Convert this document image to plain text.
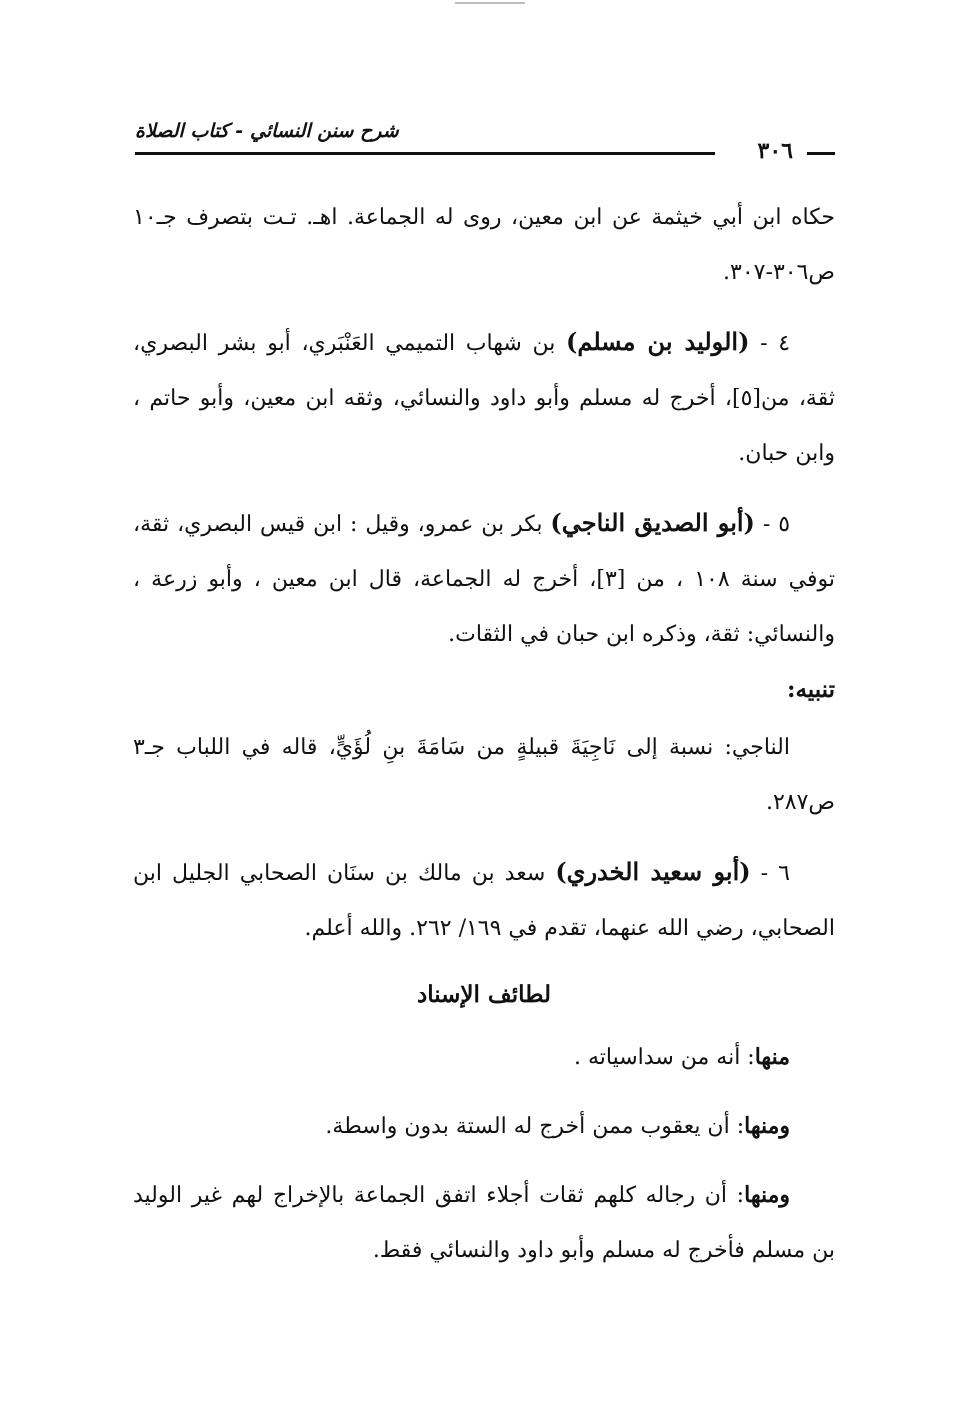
شرح سنن النسائي - كتاب الصلاة
٣٠٦

حكاه ابن أبي خيثمة عن ابن معين، روى له الجماعة. اهـ. تـت بتصرف جـ١٠ ص٣٠٦-٣٠٧.

٤ - (الوليد بن مسلم) بن شهاب التميمي العَنْبَري، أبو بشر البصري، ثقة، من[٥]، أخرج له مسلم وأبو داود والنسائي، وثقه ابن معين، وأبو حاتم ، وابن حبان.

٥ - (أبو الصديق الناجي) بكر بن عمرو، وقيل : ابن قيس البصري، ثقة، توفي سنة ١٠٨ ، من [٣]، أخرج له الجماعة، قال ابن معين ، وأبو زرعة ، والنسائي: ثقة، وذكره ابن حبان في الثقات.

تنبيه:

الناجي: نسبة إلى نَاجِيَةَ قبيلةٍ من سَامَةَ بنِ لُؤَيٍّ، قاله في اللباب جـ٣ ص٢٨٧.

٦ - (أبو سعيد الخدري) سعد بن مالك بن سنَان الصحابي الجليل ابن الصحابي، رضي الله عنهما، تقدم في ١٦٩/ ٢٦٢. والله أعلم.

لطائف الإسناد

منها: أنه من سداسياته .

ومنها: أن يعقوب ممن أخرج له الستة بدون واسطة.

ومنها: أن رجاله كلهم ثقات أجلاء اتفق الجماعة بالإخراج لهم غير الوليد بن مسلم فأخرج له مسلم وأبو داود والنسائي فقط.
